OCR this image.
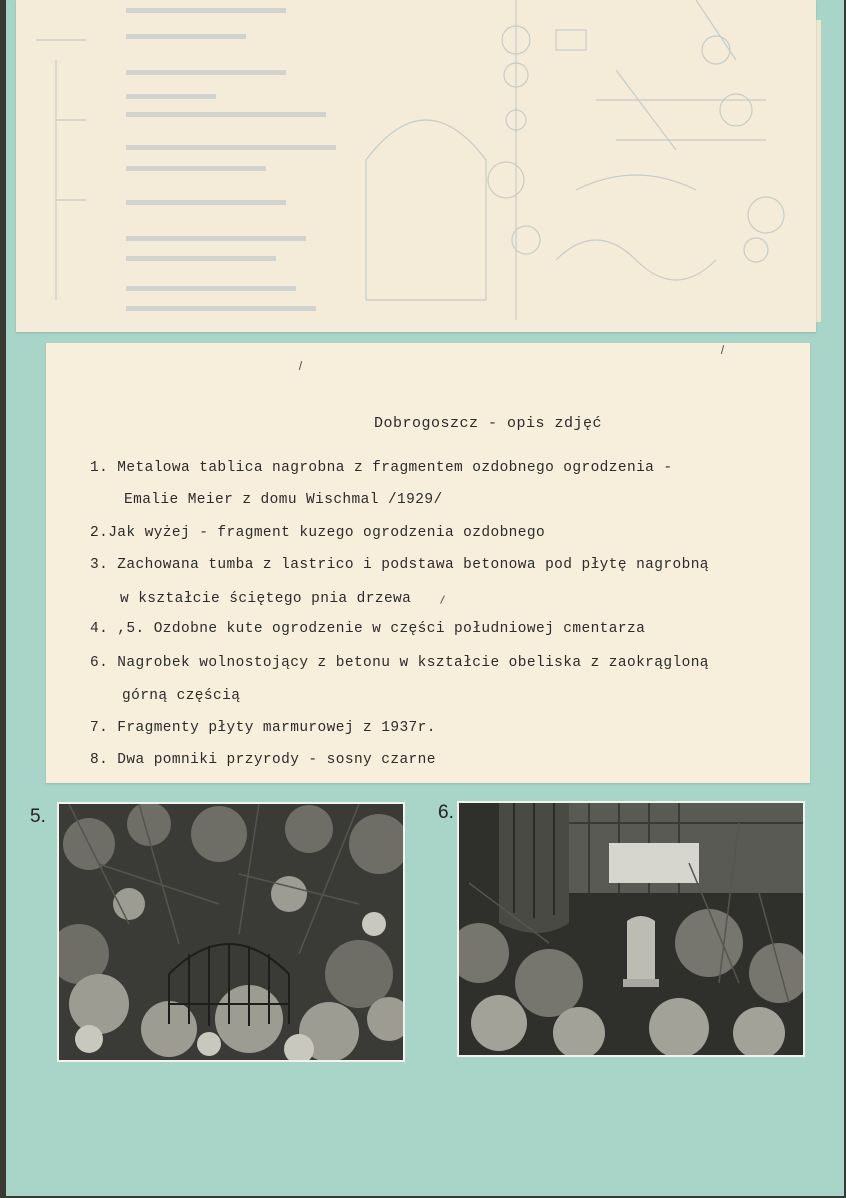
Dobrogoszcz - opis zdjęć
1. Metalowa tablica nagrobna z fragmentem ozdobnego ogrodzenia -
Emalie Meier z domu Wischmal /1929/
2.Jak wyżej - fragment kuzego ogrodzenia ozdobnego
3. Zachowana tumba z lastrico i podstawa betonowa pod płytę nagrobną
w kształcie ściętego pnia drzewa
4. ,5. Ozdobne kute ogrodzenie w części południowej cmentarza
6. Nagrobek wolnostojący z betonu w kształcie obeliska z zaokrągloną
górną częścią
7. Fragmenty płyty marmurowej z 1937r.
8. Dwa pomniki przyrody - sosny czarne
5.	6.
